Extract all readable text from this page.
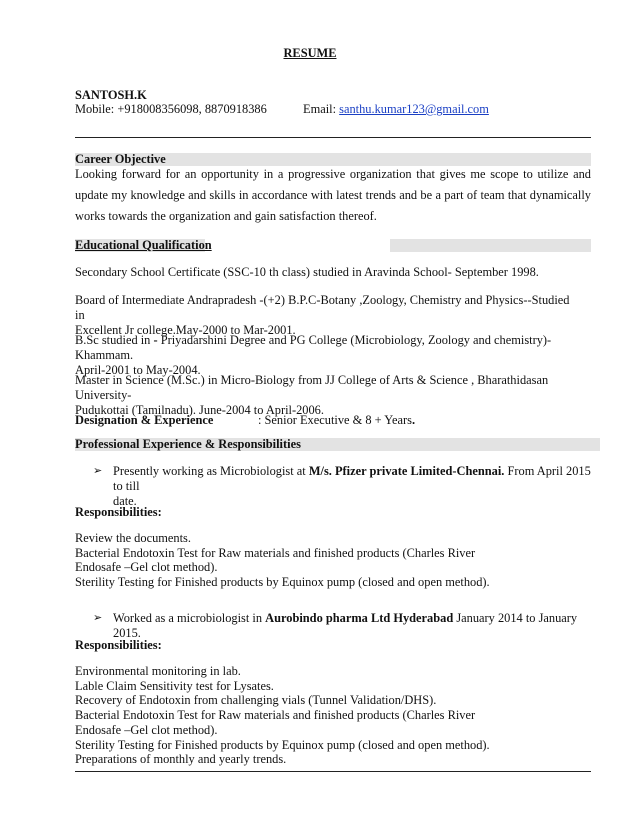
RESUME
SANTOSH.K
Mobile: +918008356098, 8870918386	Email: santhu.kumar123@gmail.com
Career Objective
Looking forward for an opportunity in a progressive organization that gives me scope to utilize and update my knowledge and skills in accordance with latest trends and be a part of team that dynamically works towards the organization and gain satisfaction thereof.
Educational Qualification
Secondary School Certificate (SSC-10 th class) studied in Aravinda School- September 1998.
Board of Intermediate Andrapradesh -(+2) B.P.C-Botany ,Zoology, Chemistry and Physics--Studied in
Excellent Jr college.May-2000 to Mar-2001.
B.Sc studied in - Priyadarshini Degree and PG College (Microbiology, Zoology and chemistry)-Khammam.
April-2001 to May-2004.
Master in Science (M.Sc.) in Micro-Biology from JJ College of Arts & Science , Bharathidasan University-
Pudukottai (Tamilnadu). June-2004 to April-2006.
Designation & Experience	: Senior Executive & 8 + Years.
Professional Experience & Responsibilities
➢ Presently working as Microbiologist at M/s. Pfizer private Limited-Chennai. From April 2015 to till
date.
Responsibilities:
Review the documents.
Bacterial Endotoxin Test for Raw materials and finished products (Charles River
Endosafe –Gel clot method).
Sterility Testing for Finished products by Equinox pump (closed and open method).
➢ Worked as a microbiologist in Aurobindo pharma Ltd Hyderabad January 2014 to January 2015.
Responsibilities:
Environmental monitoring in lab.
Lable Claim Sensitivity test for Lysates.
Recovery of Endotoxin from challenging vials (Tunnel Validation/DHS).
Bacterial Endotoxin Test for Raw materials and finished products (Charles River
Endosafe –Gel clot method).
Sterility Testing for Finished products by Equinox pump (closed and open method).
Preparations of monthly and yearly trends.
